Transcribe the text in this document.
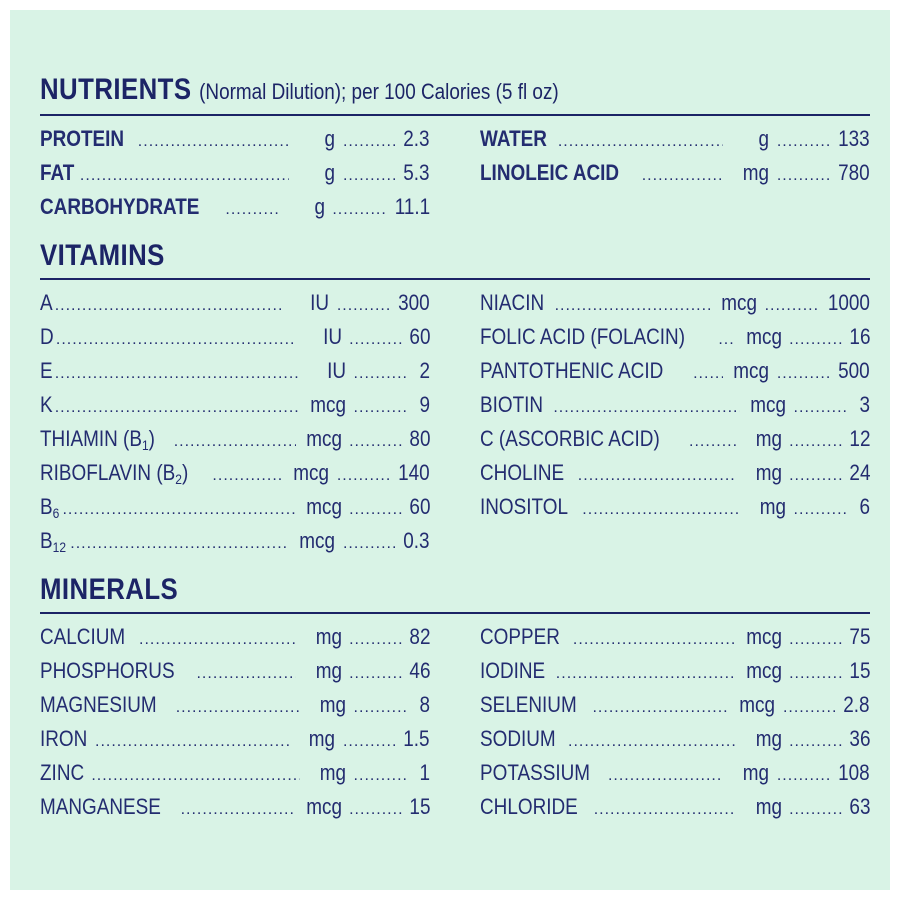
NUTRIENTS (Normal Dilution); per 100 Calories (5 fl oz)
PROTEIN .....	g .....	2.3
FAT .....	g .....	5.3
CARBOHYDRATE .....	g .....	11.1
WATER .....	g .....	133
LINOLEIC ACID .....	mg .....	780
VITAMINS
A .....	IU .....	300
D .....	IU .....	60
E .....	IU .....	2
K .....	mcg .....	9
THIAMIN (B1) .....	mcg .....	80
RIBOFLAVIN (B2) .....	mcg .....	140
B6 .....	mcg .....	60
B12 .....	mcg .....	0.3
NIACIN .....	mcg .....	1000
FOLIC ACID (FOLACIN) .....	mcg .....	16
PANTOTHENIC ACID .....	mcg .....	500
BIOTIN .....	mcg .....	3
C (ASCORBIC ACID) .....	mg .....	12
CHOLINE .....	mg .....	24
INOSITOL .....	mg .....	6
MINERALS
CALCIUM .....	mg .....	82
PHOSPHORUS .....	mg .....	46
MAGNESIUM .....	mg .....	8
IRON .....	mg .....	1.5
ZINC .....	mg .....	1
MANGANESE .....	mcg .....	15
COPPER .....	mcg .....	75
IODINE .....	mcg .....	15
SELENIUM .....	mcg .....	2.8
SODIUM .....	mg .....	36
POTASSIUM .....	mg .....	108
CHLORIDE .....	mg .....	63
